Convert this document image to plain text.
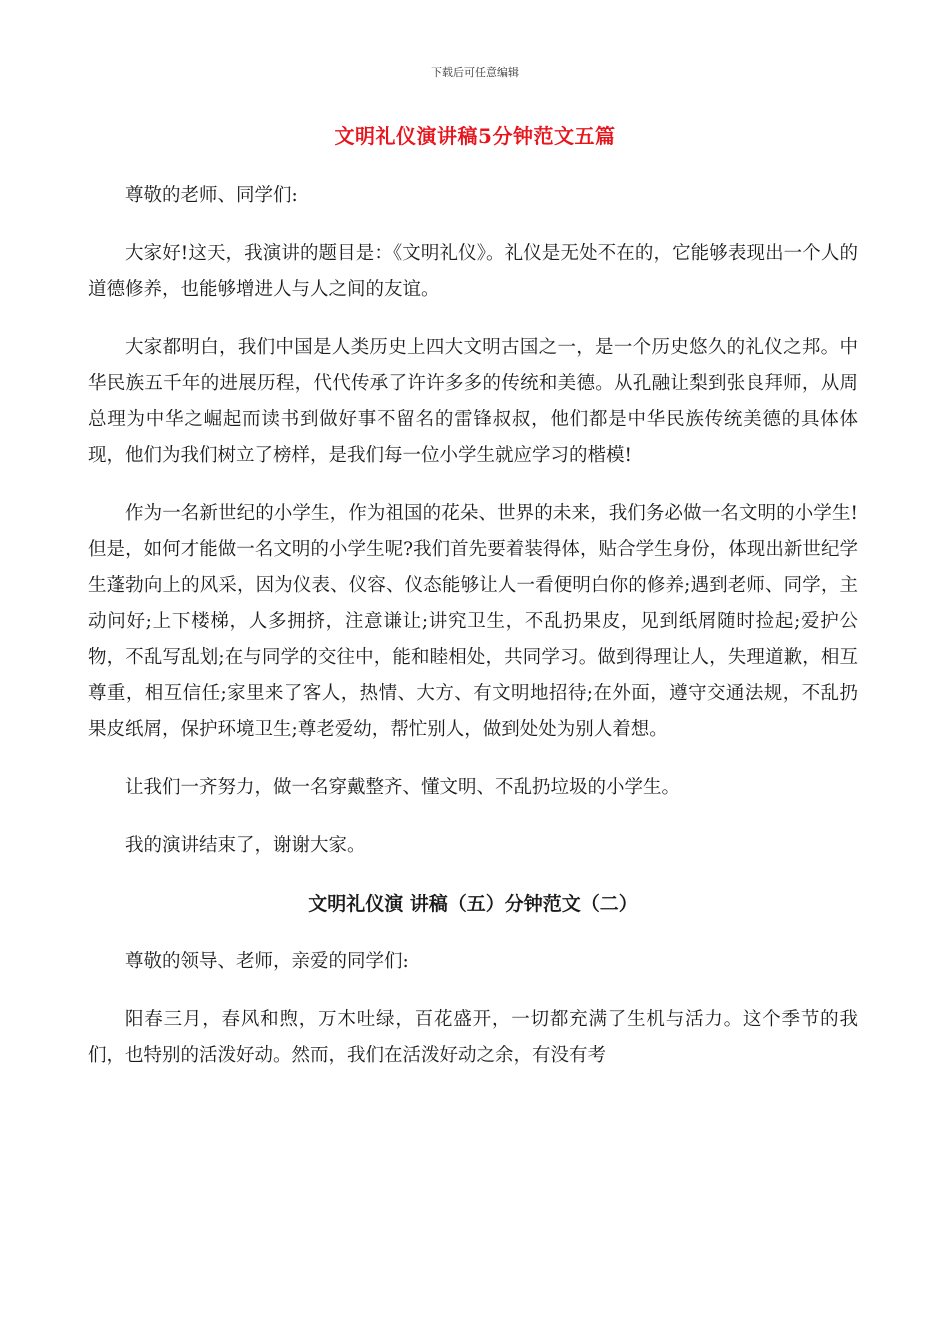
下载后可任意编辑
文明礼仪演讲稿5分钟范文五篇

尊敬的老师、同学们:

大家好!这天，我演讲的题目是：《文明礼仪》。礼仪是无处不在的，它能够表现出一个人的道德修养，也能够增进人与人之间的友谊。

大家都明白，我们中国是人类历史上四大文明古国之一，是一个历史悠久的礼仪之邦。中华民族五千年的进展历程，代代传承了许许多多的传统和美德。从孔融让梨到张良拜师，从周总理为中华之崛起而读书到做好事不留名的雷锋叔叔，他们都是中华民族传统美德的具体体现，他们为我们树立了榜样，是我们每一位小学生就应学习的楷模!

作为一名新世纪的小学生，作为祖国的花朵、世界的未来，我们务必做一名文明的小学生!但是，如何才能做一名文明的小学生呢?我们首先要着装得体，贴合学生身份，体现出新世纪学生蓬勃向上的风采，因为仪表、仪容、仪态能够让人一看便明白你的修养;遇到老师、同学，主动问好;上下楼梯，人多拥挤，注意谦让;讲究卫生，不乱扔果皮，见到纸屑随时捡起;爱护公物，不乱写乱划;在与同学的交往中，能和睦相处，共同学习。做到得理让人，失理道歉，相互尊重，相互信任;家里来了客人，热情、大方、有文明地招待;在外面，遵守交通法规，不乱扔果皮纸屑，保护环境卫生;尊老爱幼，帮忙别人，做到处处为别人着想。

让我们一齐努力，做一名穿戴整齐、懂文明、不乱扔垃圾的小学生。

我的演讲结束了，谢谢大家。

文明礼仪演 讲稿（五）分钟范文（二）

尊敬的领导、老师，亲爱的同学们:

阳春三月，春风和煦，万木吐绿，百花盛开，一切都充满了生机与活力。这个季节的我们，也特别的活泼好动。然而，我们在活泼好动之余，有没有考
